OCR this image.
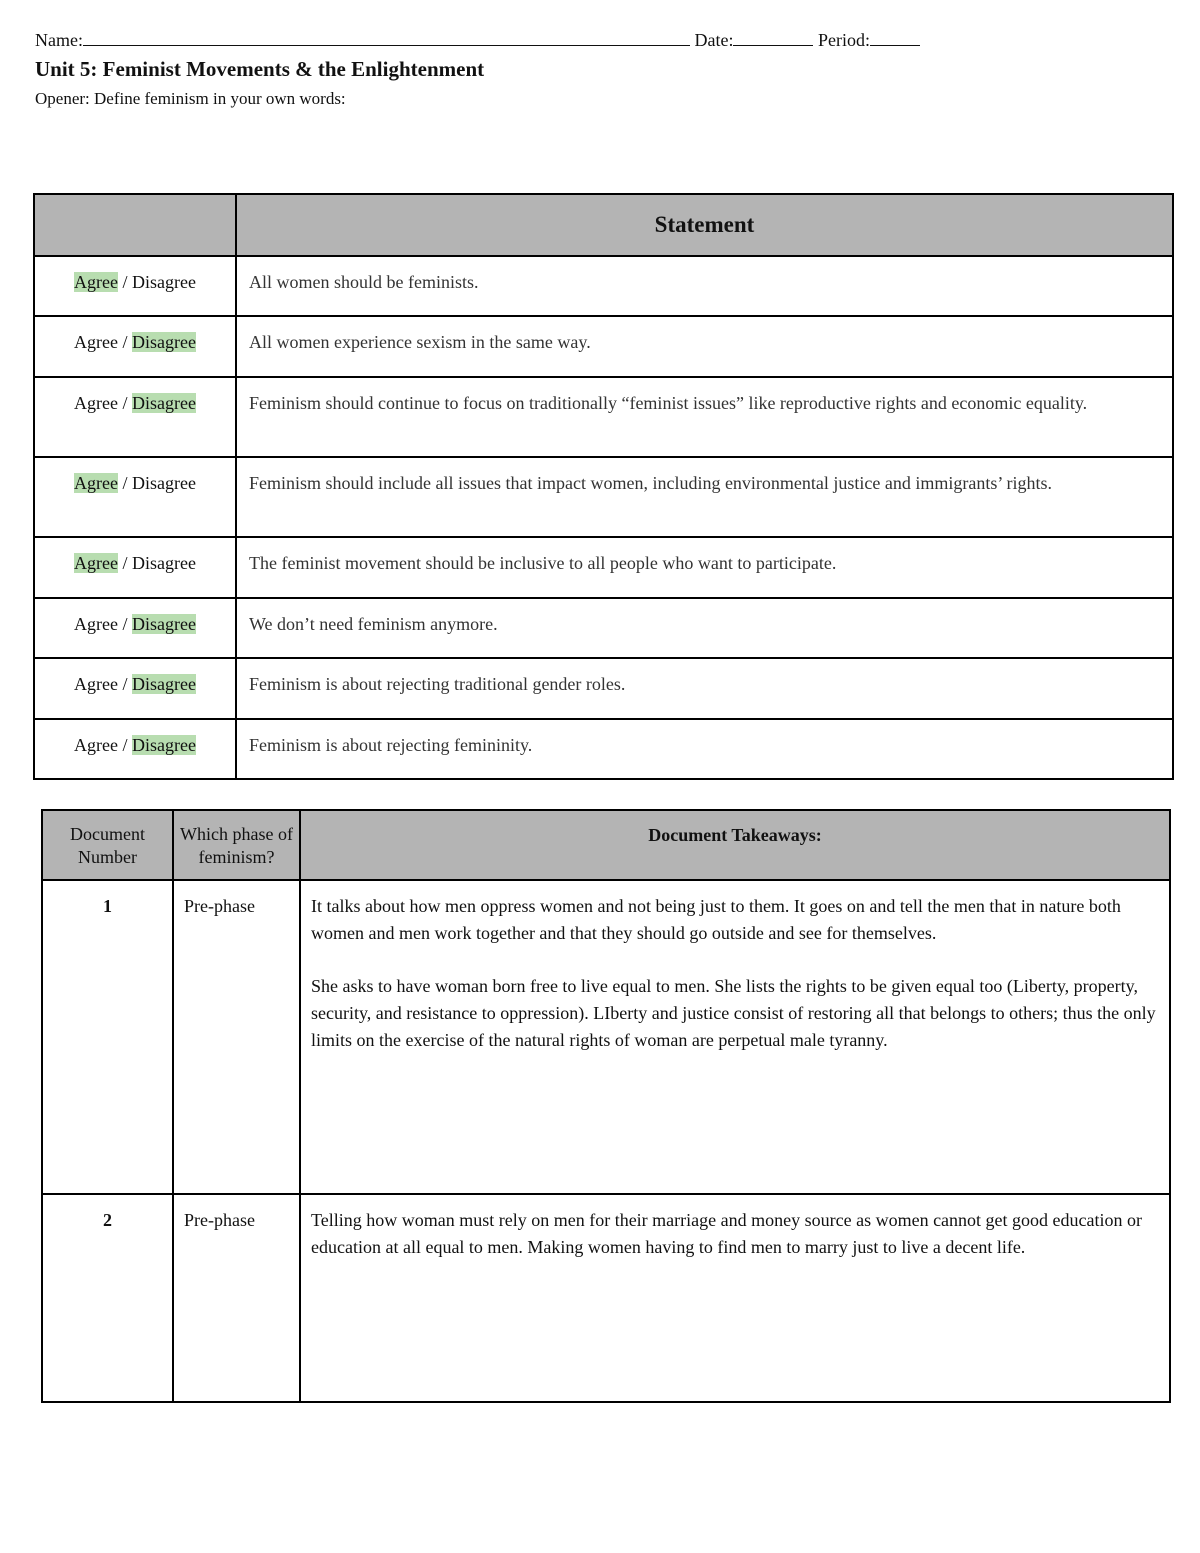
Name:	Date:	Period:
Unit 5: Feminist Movements & the Enlightenment
Opener: Define feminism in your own words:
	Statement
Agree / Disagree	All women should be feminists.
Agree / Disagree	All women experience sexism in the same way.
Agree / Disagree	Feminism should continue to focus on traditionally “feminist issues” like reproductive rights and economic equality.
Agree / Disagree	Feminism should include all issues that impact women, including environmental justice and immigrants’ rights.
Agree / Disagree	The feminist movement should be inclusive to all people who want to participate.
Agree / Disagree	We don’t need feminism anymore.
Agree / Disagree	Feminism is about rejecting traditional gender roles.
Agree / Disagree	Feminism is about rejecting femininity.
Document Number	Which phase of feminism?	Document Takeaways:
1	Pre-phase	It talks about how men oppress women and not being just to them. It goes on and tell the men that in nature both women and men work together and that they should go outside and see for themselves.

She asks to have woman born free to live equal to men. She lists the rights to be given equal too (Liberty, property, security, and resistance to oppression). LIberty and justice consist of restoring all that belongs to others; thus the only limits on the exercise of the natural rights of woman are perpetual male tyranny.

2	Pre-phase	Telling how woman must rely on men for their marriage and money source as women cannot get good education or education at all equal to men. Making women having to find men to marry just to live a decent life.
